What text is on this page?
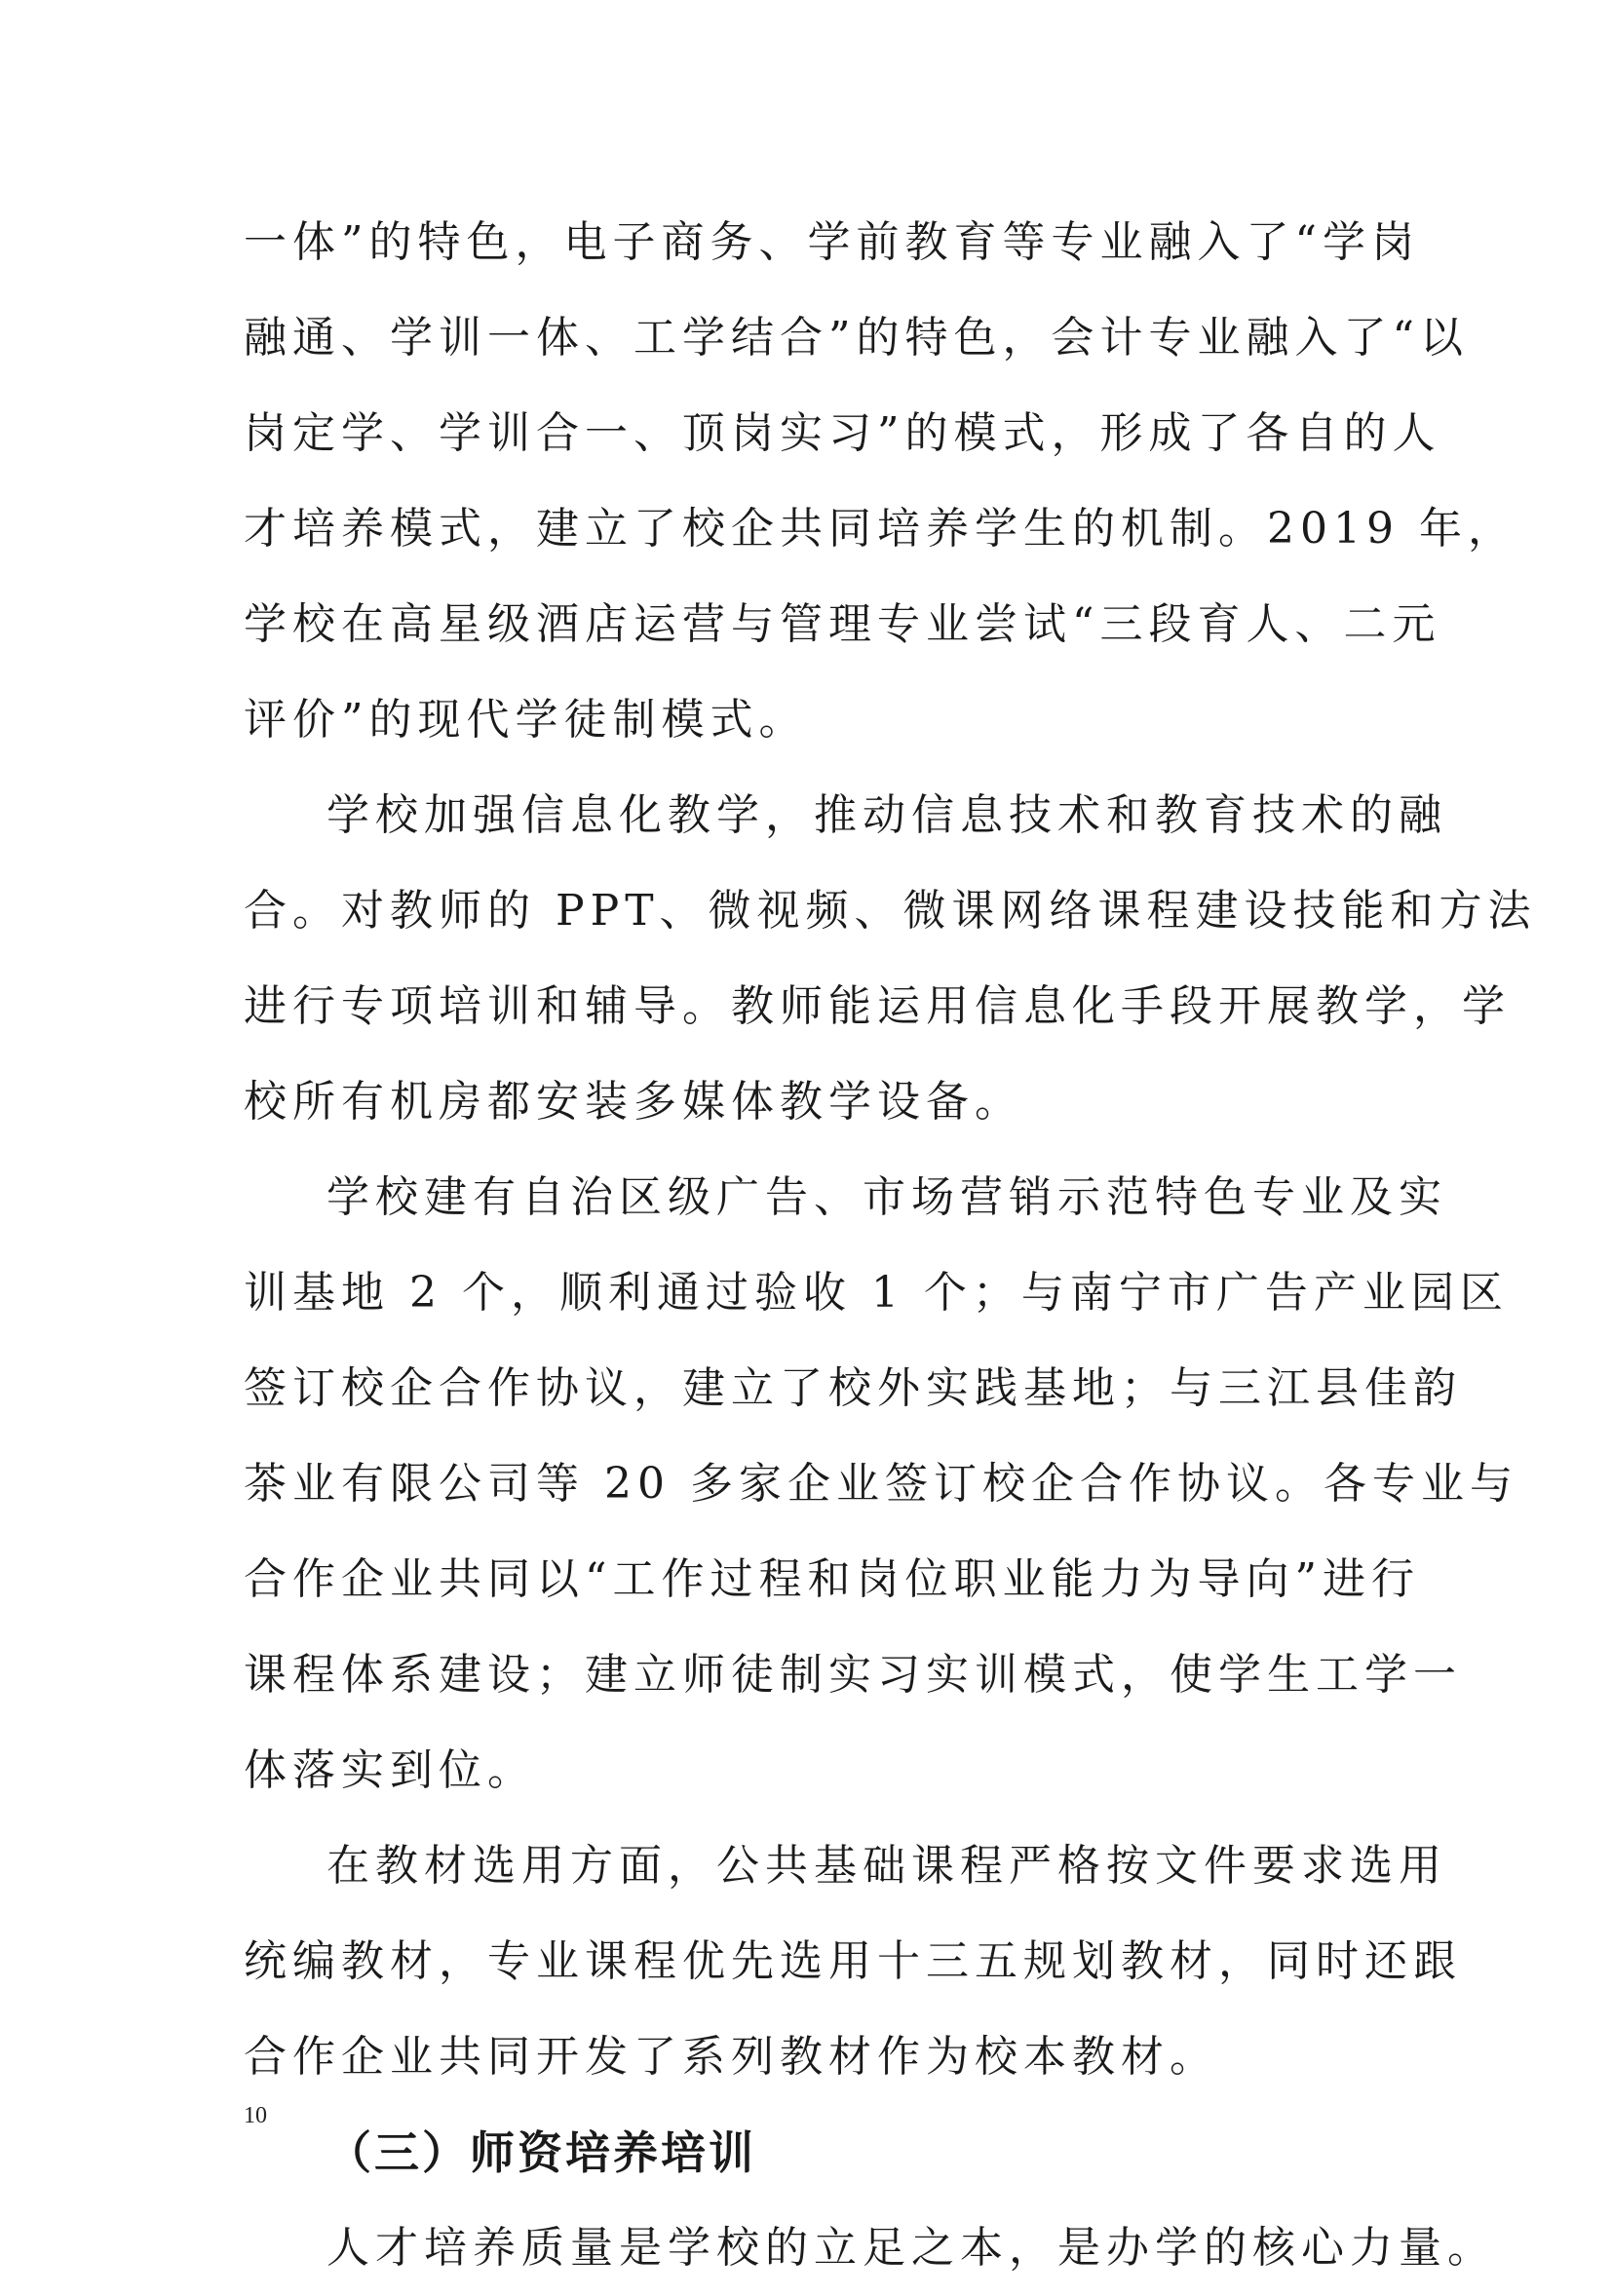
一体”的特色，电子商务、学前教育等专业融入了“学岗
融通、学训一体、工学结合”的特色，会计专业融入了“以
岗定学、学训合一、顶岗实习”的模式，形成了各自的人
才培养模式，建立了校企共同培养学生的机制。2019 年，
学校在高星级酒店运营与管理专业尝试“三段育人、二元
评价”的现代学徒制模式。
学校加强信息化教学，推动信息技术和教育技术的融
合。对教师的 PPT、微视频、微课网络课程建设技能和方法
进行专项培训和辅导。教师能运用信息化手段开展教学，学
校所有机房都安装多媒体教学设备。
学校建有自治区级广告、市场营销示范特色专业及实
训基地 2 个，顺利通过验收 1 个；与南宁市广告产业园区
签订校企合作协议，建立了校外实践基地；与三江县佳韵
茶业有限公司等 20 多家企业签订校企合作协议。各专业与
合作企业共同以“工作过程和岗位职业能力为导向”进行
课程体系建设；建立师徒制实习实训模式，使学生工学一
体落实到位。
在教材选用方面，公共基础课程严格按文件要求选用
统编教材，专业课程优先选用十三五规划教材，同时还跟
合作企业共同开发了系列教材作为校本教材。
（三）师资培养培训
人才培养质量是学校的立足之本，是办学的核心力量。
10
